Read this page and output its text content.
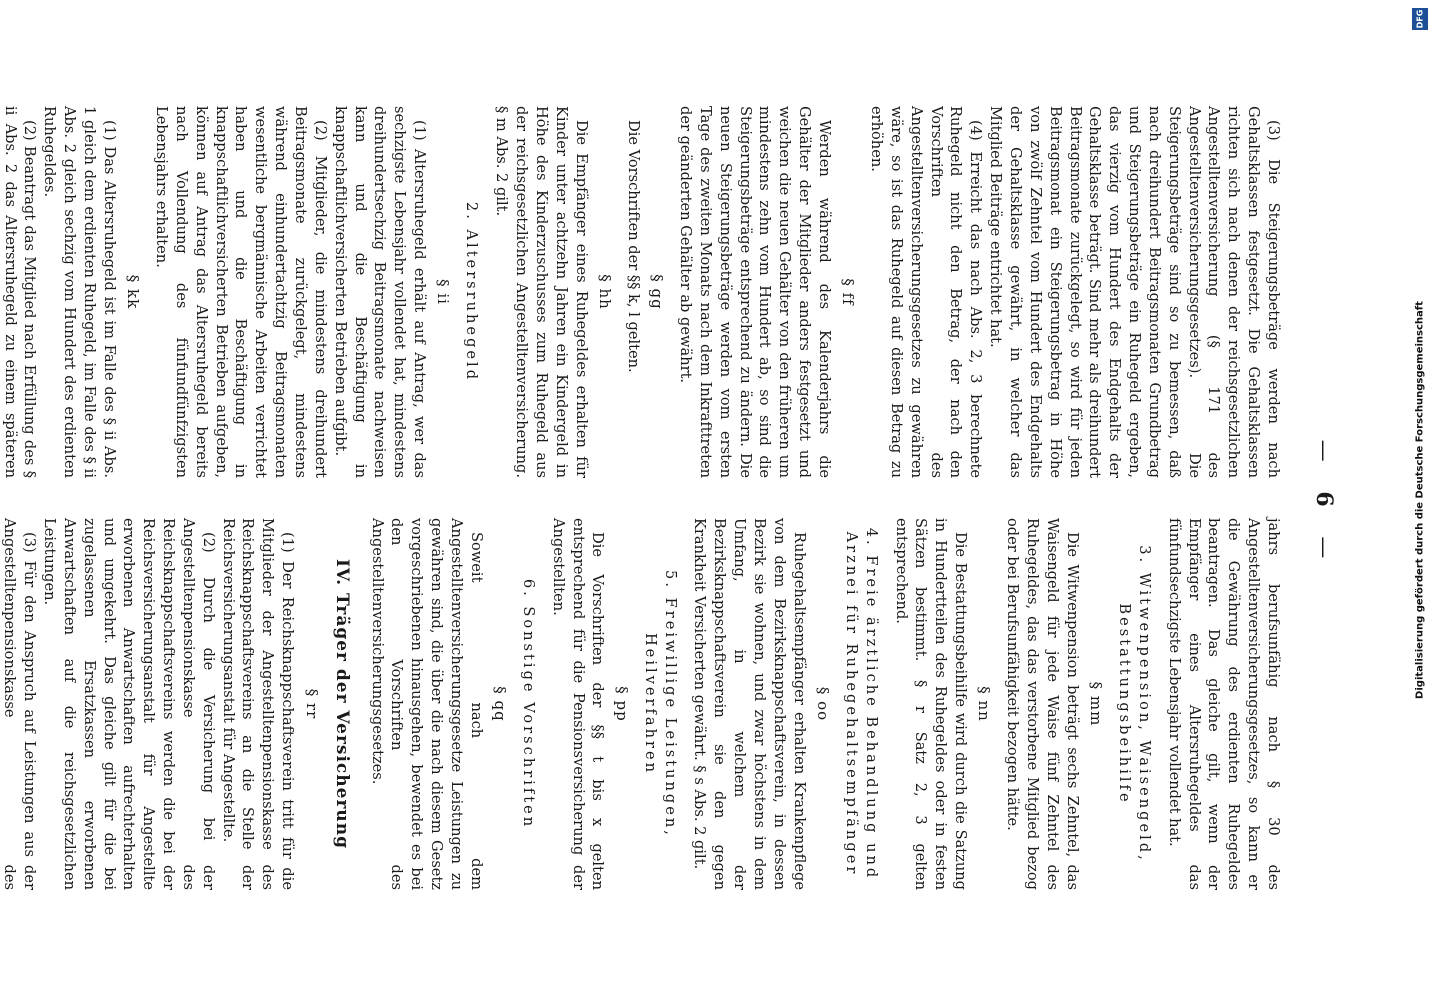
— 6 —

(3) Die Steigerungsbeträge werden nach Gehaltsklassen festgesetzt. Die Gehaltsklassen richten sich nach denen der reichsgesetzlichen Angestelltenversicherung (§ 171 des Angestelltenversicherungsgesetzes). Die Steigerungsbeträge sind so zu bemessen, daß nach dreihundert Beitragsmonaten Grundbetrag und Steigerungsbeträge ein Ruhegeld ergeben, das vierzig vom Hundert des Endgehalts der Gehaltsklasse beträgt. Sind mehr als dreihundert Beitragsmonate zurückgelegt, so wird für jeden Beitragsmonat ein Steigerungsbetrag in Höhe von zwölf Zehntel vom Hundert des Endgehalts der Gehaltsklasse gewährt, in welcher das Mitglied Beiträge entrichtet hat.

(4) Erreicht das nach Abs. 2, 3 berechnete Ruhegeld nicht den Betrag, der nach den Vorschriften des Angestelltenversicherungsgesetzes zu gewähren wäre, so ist das Ruhegeld auf diesen Betrag zu erhöhen.

§ ff

Werden während des Kalenderjahrs die Gehälter der Mitglieder anders festgesetzt und weichen die neuen Gehälter von den früheren um mindestens zehn vom Hundert ab, so sind die Steigerungsbeträge entsprechend zu ändern. Die neuen Steigerungsbeträge werden vom ersten Tage des zweiten Monats nach dem Inkrafttreten der geänderten Gehälter ab gewährt.

§ gg

Die Vorschriften der §§ k, l gelten.

§ hh

Die Empfänger eines Ruhegeldes erhalten für Kinder unter achtzehn Jahren ein Kindergeld in Höhe des Kinderzuschusses zum Ruhegeld aus der reichsgesetzlichen Angestelltenversicherung. § m Abs. 2 gilt.

2. Altersruhegeld
§ ii

(1) Altersruhegeld erhält auf Antrag, wer das sechzigste Lebensjahr vollendet hat, mindestens dreihundertsechzig Beitragsmonate nachweisen kann und die Beschäftigung in knappschaftlichversicherten Betrieben aufgibt.

(2) Mitglieder, die mindestens dreihundert Beitragsmonate zurückgelegt, mindestens während einhundertachtzig Beitragsmonaten wesentliche bergmännische Arbeiten verrichtet haben und die Beschäftigung in knappschaftlichversicherten Betrieben aufgeben, können auf Antrag das Altersruhegeld bereits nach Vollendung des fünfundfünfzigsten Lebensjahrs erhalten.

§ kk

(1) Das Altersruhegeld ist im Falle des § ii Abs. 1 gleich dem erdienten Ruhegeld, im Falle des § ii Abs. 2 gleich sechzig vom Hundert des erdienten Ruhegeldes.

(2) Beantragt das Mitglied nach Erfüllung des § ii Abs. 2 das Altersruhegeld zu einem späteren

jahrs berufsunfähig nach § 30 des Angestelltenversicherungsgesetzes, so kann er die Gewährung des erdienten Ruhegeldes beantragen. Das gleiche gilt, wenn der Empfänger eines Altersruhegeldes das fünfundsechzigste Lebensjahr vollendet hat.

3. Witwenpension, Waisengeld, Bestattungsbeihilfe
§ mm

Die Witwenpension beträgt sechs Zehntel, das Waisengeld für jede Waise fünf Zehntel des Ruhegeldes, das das verstorbene Mitglied bezog oder bei Berufsunfähigkeit bezogen hätte.

§ nn

Die Bestattungsbeihilfe wird durch die Satzung in Hundertteilen des Ruhegeldes oder in festen Sätzen bestimmt. § r Satz 2, 3 gelten entsprechend.

4. Freie ärztliche Behandlung und Arznei für Ruhegehaltsempfänger
§ oo

Ruhegehaltsempfänger erhalten Krankenpflege von dem Bezirksknappschaftsverein, in dessen Bezirk sie wohnen, und zwar höchstens in dem Umfang, in welchem der Bezirksknappschaftsverein sie den gegen Krankheit Versicherten gewährt. § s Abs. 2 gilt.

5. Freiwillige Leistungen, Heilverfahren
§ pp

Die Vorschriften der §§ t bis x gelten entsprechend für die Pensionsversicherung der Angestellten.

6. Sonstige Vorschriften
§ qq

Soweit nach dem Angestelltenversicherungsgesetze Leistungen zu gewähren sind, die über die nach diesem Gesetz vorgeschriebenen hinausgehen, bewendet es bei den Vorschriften des Angestelltenversicherungsgesetzes.

IV. Träger der Versicherung
§ rr

(1) Der Reichsknappschaftsverein tritt für die Mitglieder der Angestelltenpensionskasse des Reichsknappschaftsvereins an die Stelle der Reichsversicherungsanstalt für Angestellte.

(2) Durch die Versicherung bei der Angestelltenpensionskasse des Reichsknappschaftsvereins werden die bei der Reichsversicherungsanstalt für Angestellte erworbenen Anwartschaften aufrechterhalten und umgekehrt. Das gleiche gilt für die bei zugelassenen Ersatzkassen erworbenen Anwartschaften auf die reichsgesetzlichen Leistungen.

(3) Für den Anspruch auf Leistungen aus der Angestelltenpensionskasse des

DFG
Digitalisierung gefördert durch die Deutsche Forschungsgemeinschaft
